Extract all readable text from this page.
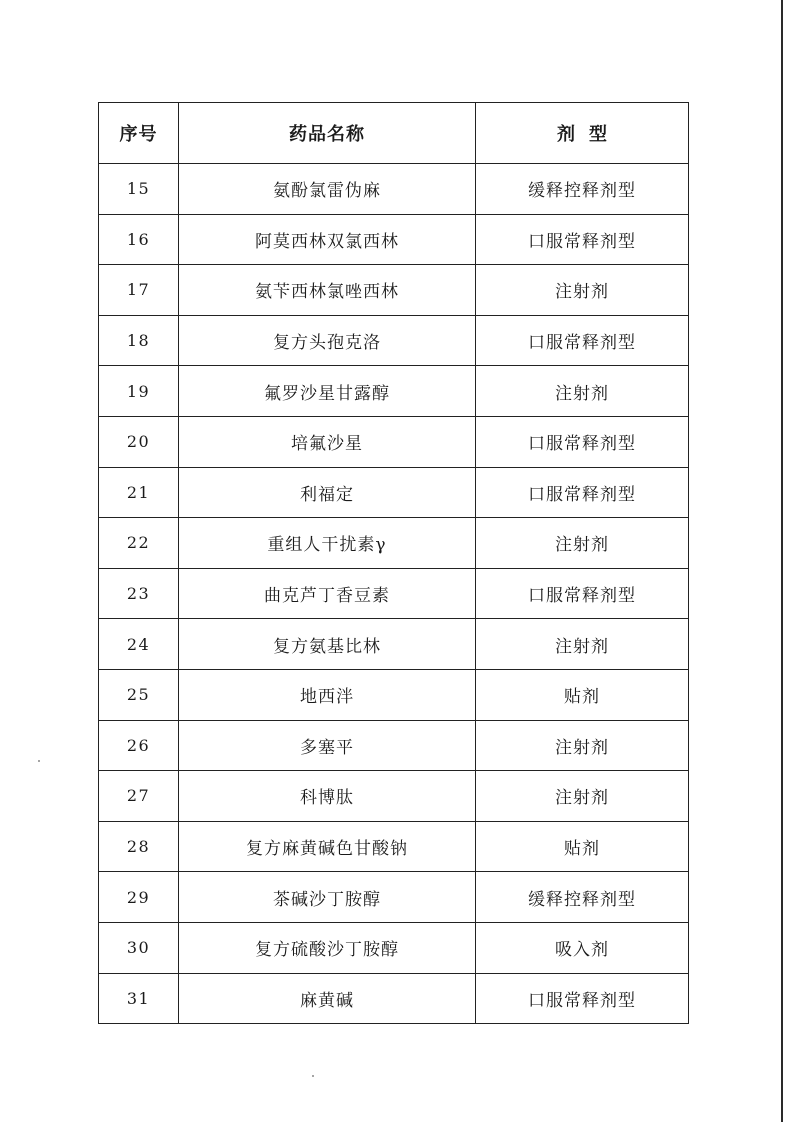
序号	药品名称	剂型
15	氨酚氯雷伪麻	缓释控释剂型
16	阿莫西林双氯西林	口服常释剂型
17	氨苄西林氯唑西林	注射剂
18	复方头孢克洛	口服常释剂型
19	氟罗沙星甘露醇	注射剂
20	培氟沙星	口服常释剂型
21	利福定	口服常释剂型
22	重组人干扰素γ	注射剂
23	曲克芦丁香豆素	口服常释剂型
24	复方氨基比林	注射剂
25	地西泮	贴剂
26	多塞平	注射剂
27	科博肽	注射剂
28	复方麻黄碱色甘酸钠	贴剂
29	茶碱沙丁胺醇	缓释控释剂型
30	复方硫酸沙丁胺醇	吸入剂
31	麻黄碱	口服常释剂型
